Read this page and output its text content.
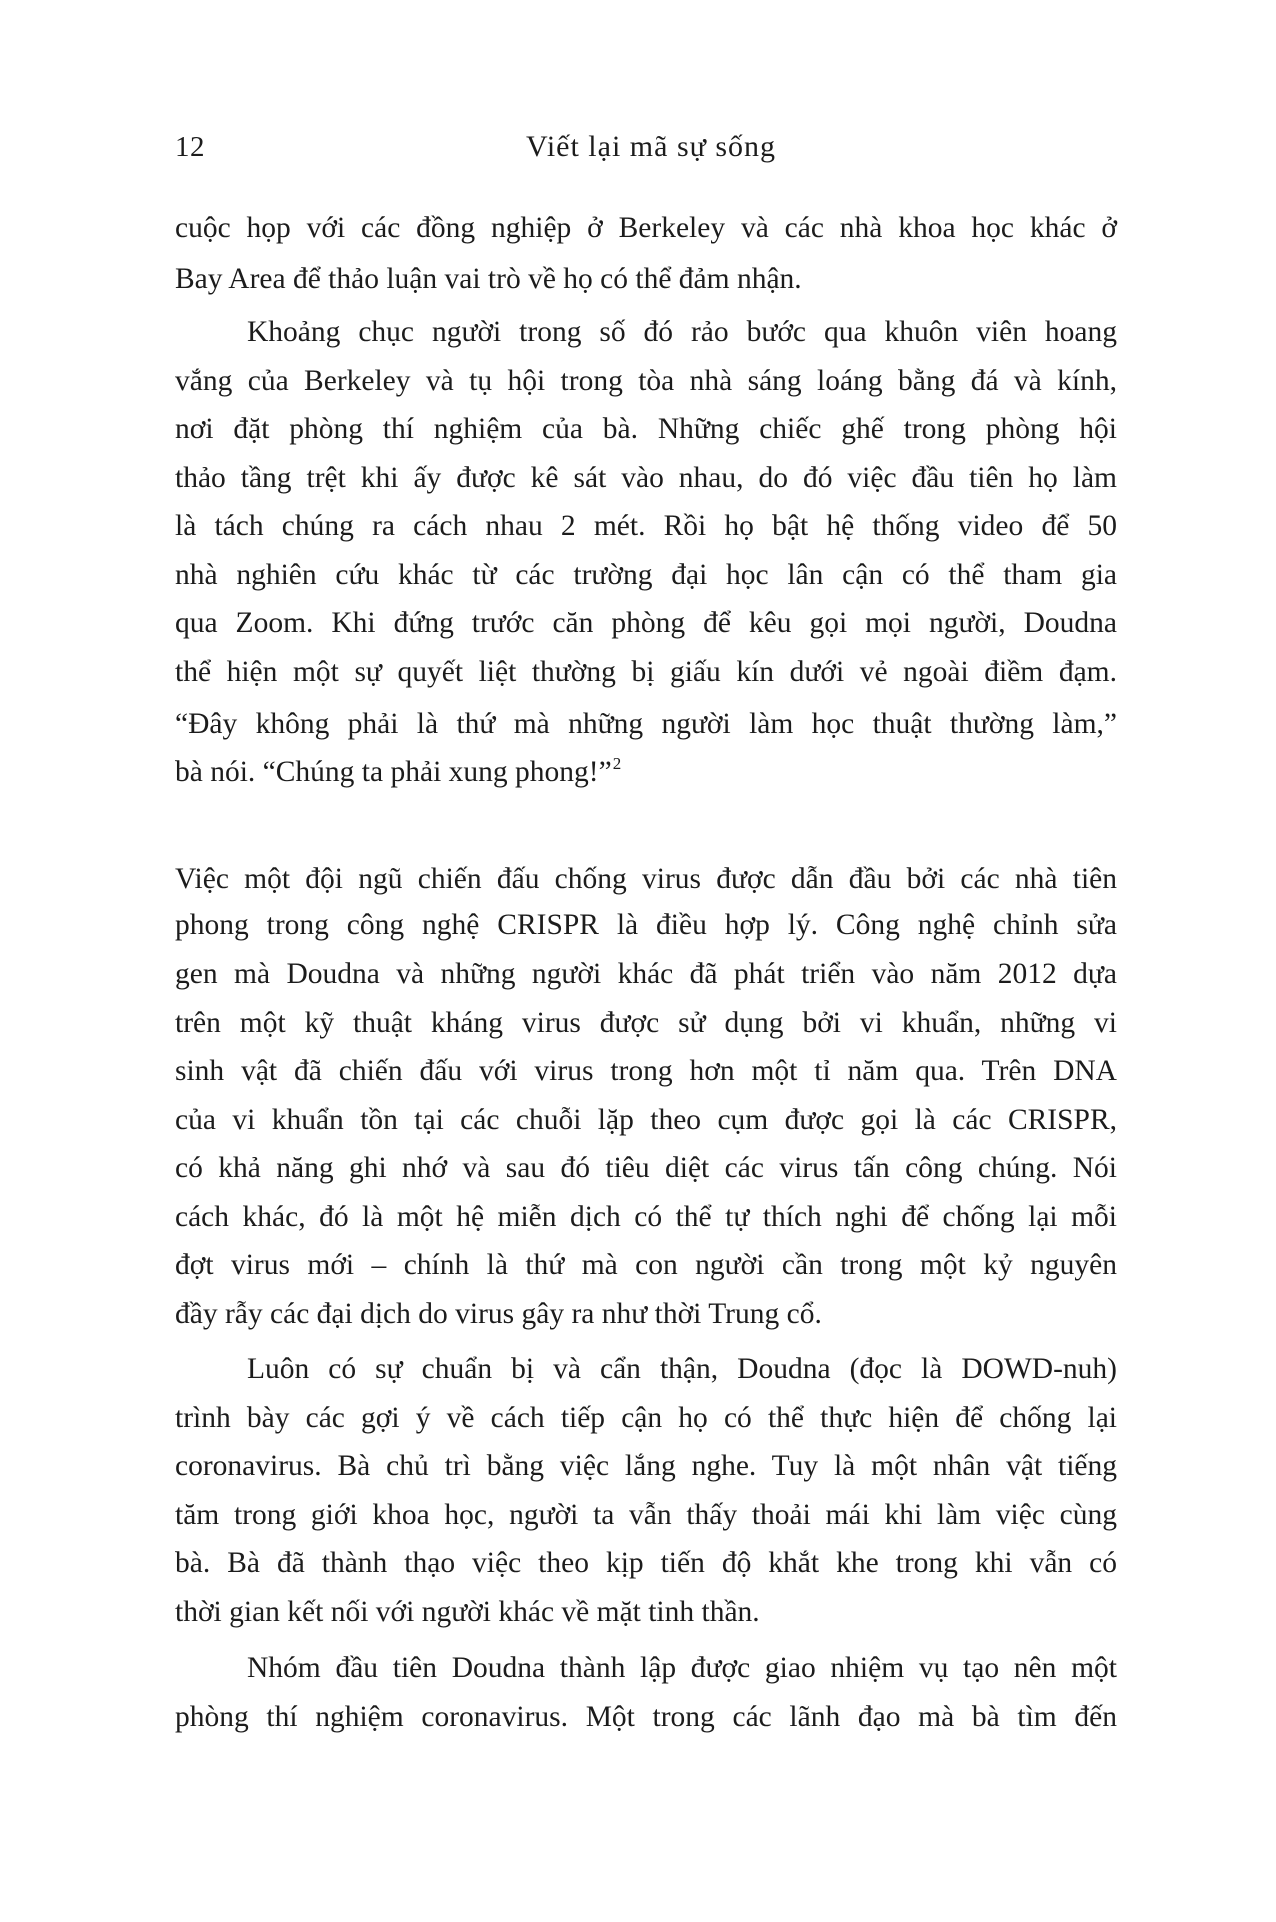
12	Viết lại mã sự sống
cuộc họp với các đồng nghiệp ở Berkeley và các nhà khoa học khác ở
Bay Area để thảo luận vai trò về họ có thể đảm nhận.
Khoảng chục người trong số đó rảo bước qua khuôn viên hoang
vắng của Berkeley và tụ hội trong tòa nhà sáng loáng bằng đá và kính,
nơi đặt phòng thí nghiệm của bà. Những chiếc ghế trong phòng hội
thảo tầng trệt khi ấy được kê sát vào nhau, do đó việc đầu tiên họ làm
là tách chúng ra cách nhau 2 mét. Rồi họ bật hệ thống video để 50
nhà nghiên cứu khác từ các trường đại học lân cận có thể tham gia
qua Zoom. Khi đứng trước căn phòng để kêu gọi mọi người, Doudna
thể hiện một sự quyết liệt thường bị giấu kín dưới vẻ ngoài điềm đạm.
“Đây không phải là thứ mà những người làm học thuật thường làm,”
bà nói. “Chúng ta phải xung phong!”$^2$
Việc một đội ngũ chiến đấu chống virus được dẫn đầu bởi các nhà tiên
phong trong công nghệ CRISPR là điều hợp lý. Công nghệ chỉnh sửa
gen mà Doudna và những người khác đã phát triển vào năm 2012 dựa
trên một kỹ thuật kháng virus được sử dụng bởi vi khuẩn, những vi
sinh vật đã chiến đấu với virus trong hơn một tỉ năm qua. Trên DNA
của vi khuẩn tồn tại các chuỗi lặp theo cụm được gọi là các CRISPR,
có khả năng ghi nhớ và sau đó tiêu diệt các virus tấn công chúng. Nói
cách khác, đó là một hệ miễn dịch có thể tự thích nghi để chống lại mỗi
đợt virus mới – chính là thứ mà con người cần trong một kỷ nguyên
đầy rẫy các đại dịch do virus gây ra như thời Trung cổ.
Luôn có sự chuẩn bị và cẩn thận, Doudna (đọc là DOWD-nuh)
trình bày các gợi ý về cách tiếp cận họ có thể thực hiện để chống lại
coronavirus. Bà chủ trì bằng việc lắng nghe. Tuy là một nhân vật tiếng
tăm trong giới khoa học, người ta vẫn thấy thoải mái khi làm việc cùng
bà. Bà đã thành thạo việc theo kịp tiến độ khắt khe trong khi vẫn có
thời gian kết nối với người khác về mặt tinh thần.
Nhóm đầu tiên Doudna thành lập được giao nhiệm vụ tạo nên một
phòng thí nghiệm coronavirus. Một trong các lãnh đạo mà bà tìm đến
